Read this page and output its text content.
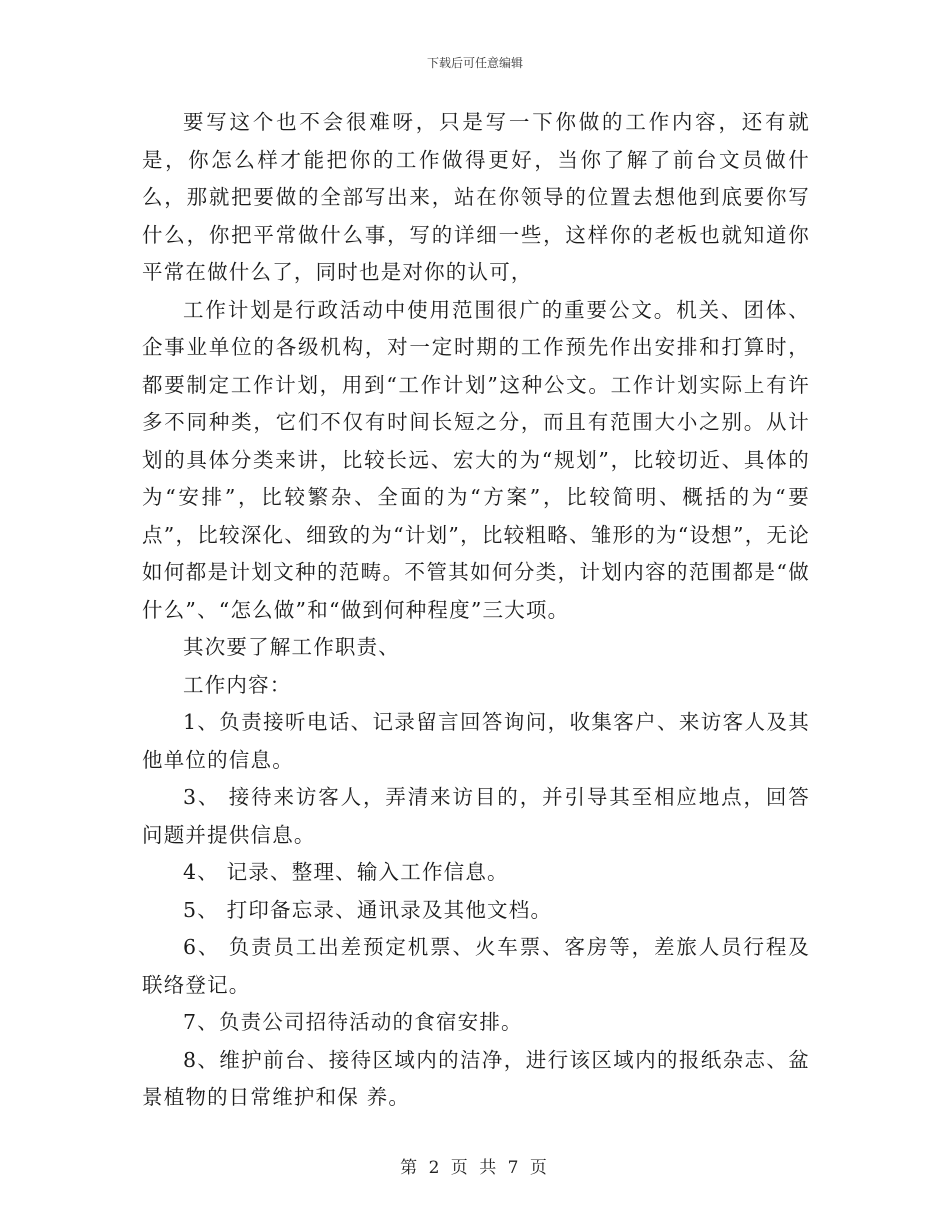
下载后可任意编辑

要写这个也不会很难呀，只是写一下你做的工作内容，还有就是，你怎么样才能把你的工作做得更好，当你了解了前台文员做什么，那就把要做的全部写出来，站在你领导的位置去想他到底要你写什么，你把平常做什么事，写的详细一些，这样你的老板也就知道你平常在做什么了，同时也是对你的认可，

工作计划是行政活动中使用范围很广的重要公文。机关、团体、企事业单位的各级机构，对一定时期的工作预先作出安排和打算时，都要制定工作计划，用到“工作计划”这种公文。工作计划实际上有许多不同种类，它们不仅有时间长短之分，而且有范围大小之别。从计划的具体分类来讲，比较长远、宏大的为“规划”，比较切近、具体的为“安排”，比较繁杂、全面的为“方案”，比较简明、概括的为“要点”，比较深化、细致的为“计划”，比较粗略、雏形的为“设想”，无论如何都是计划文种的范畴。不管其如何分类，计划内容的范围都是“做什么”、“怎么做”和“做到何种程度”三大项。

其次要了解工作职责、

工作内容：

1、负责接听电话、记录留言回答询问，收集客户、来访客人及其他单位的信息。

3、 接待来访客人，弄清来访目的，并引导其至相应地点，回答问题并提供信息。

4、 记录、整理、输入工作信息。

5、 打印备忘录、通讯录及其他文档。

6、 负责员工出差预定机票、火车票、客房等，差旅人员行程及联络登记。

7、负责公司招待活动的食宿安排。

8、维护前台、接待区域内的洁净，进行该区域内的报纸杂志、盆景植物的日常维护和保 养。

第 2 页 共 7 页
